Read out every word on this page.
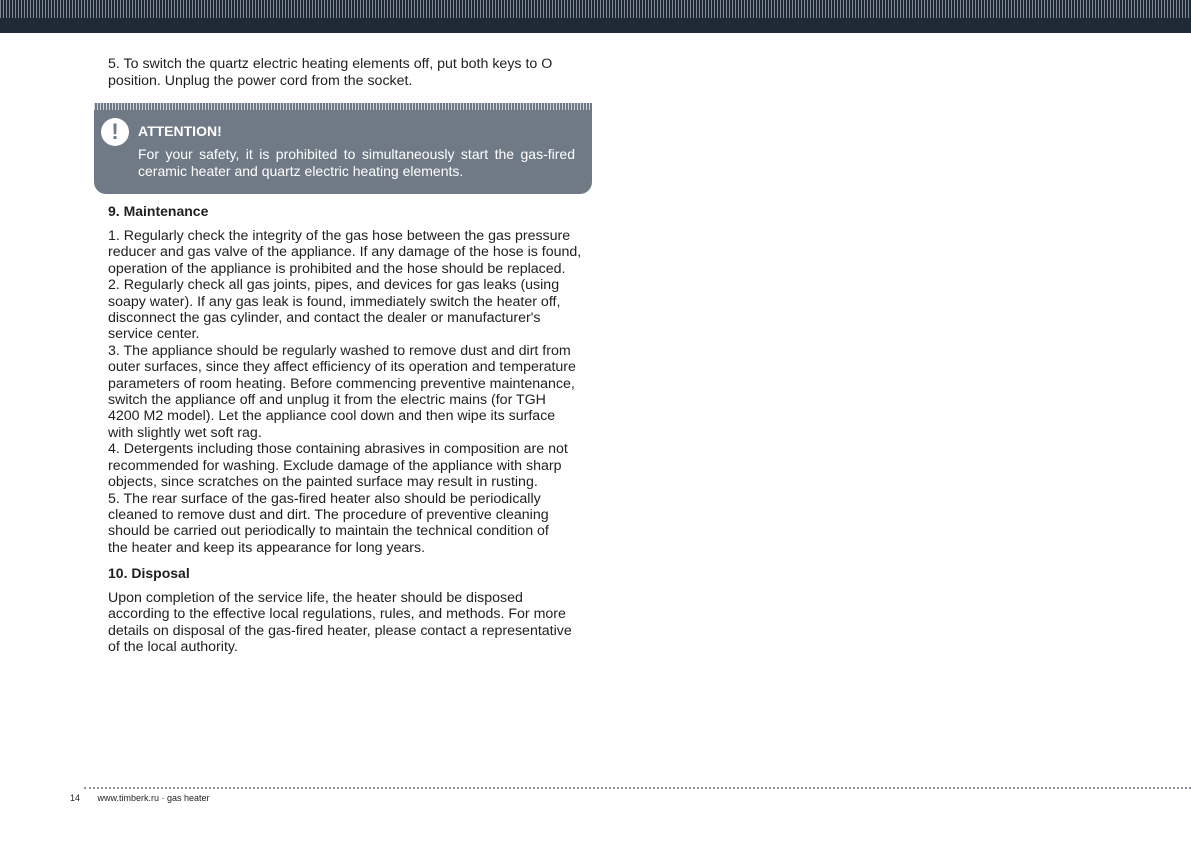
5. To switch the quartz electric heating elements off, put both keys to O
position. Unplug the power cord from the socket.

!	ATTENTION!

For your safety, it is prohibited to simultaneously start the gas-fired ceramic heater and quartz electric heating elements.

9. Maintenance

1. Regularly check the integrity of the gas hose between the gas pressure
reducer and gas valve of the appliance. If any damage of the hose is found,
operation of the appliance is prohibited and the hose should be replaced.
2. Regularly check all gas joints, pipes, and devices for gas leaks (using
soapy water). If any gas leak is found, immediately switch the heater off,
disconnect the gas cylinder, and contact the dealer or manufacturer's
service center.
3. The appliance should be regularly washed to remove dust and dirt from
outer surfaces, since they affect efficiency of its operation and temperature
parameters of room heating. Before commencing preventive maintenance,
switch the appliance off and unplug it from the electric mains (for TGH
4200 M2 model). Let the appliance cool down and then wipe its surface
with slightly wet soft rag.
4. Detergents including those containing abrasives in composition are not
recommended for washing. Exclude damage of the appliance with sharp
objects, since scratches on the painted surface may result in rusting.
5. The rear surface of the gas-fired heater also should be periodically
cleaned to remove dust and dirt. The procedure of preventive cleaning
should be carried out periodically to maintain the technical condition of
the heater and keep its appearance for long years.

10. Disposal

Upon completion of the service life, the heater should be disposed
according to the effective local regulations, rules, and methods. For more
details on disposal of the gas-fired heater, please contact a representative
of the local authority.

14 www.timberk.ru · gas heater
